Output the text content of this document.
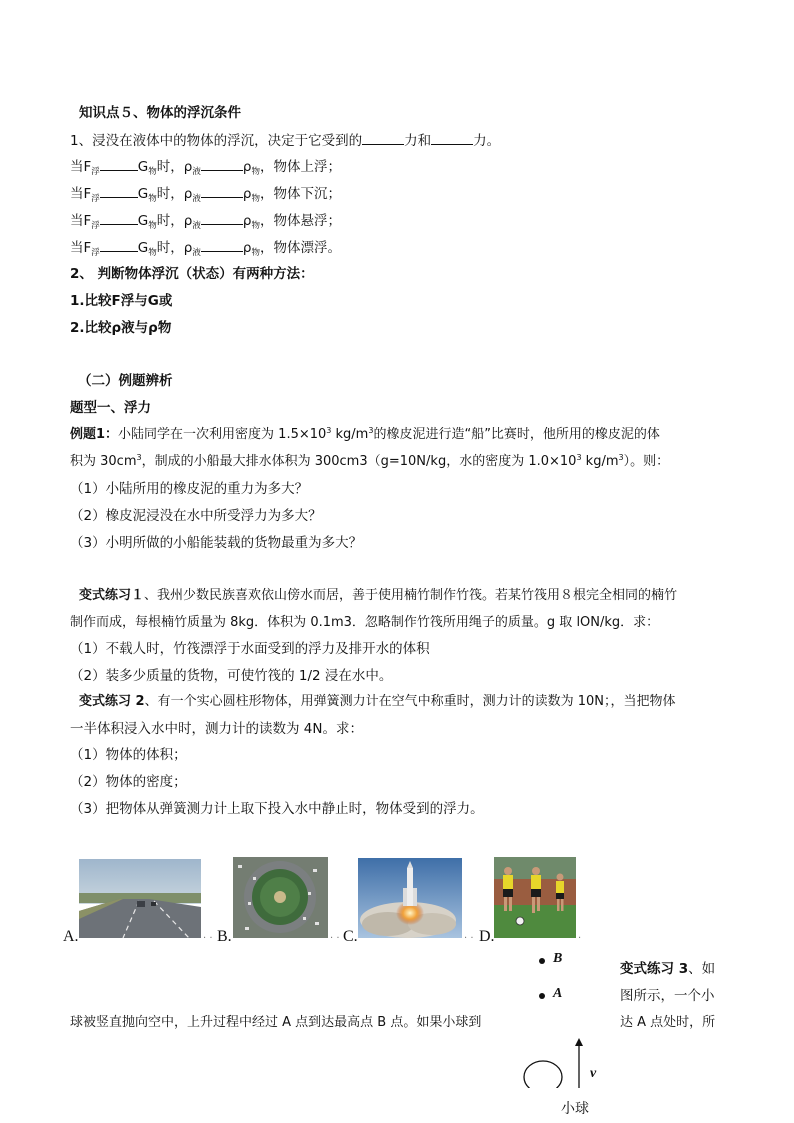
知识点５、物体的浮沉条件
1、浸没在液体中的物体的浮沉，决定于它受到的	力和	力。
当$F_浮$	$G_物$时，$\rho_液$	$\rho_物$，物体上浮；
当$F_浮$	$G_物$时，$\rho_液$	$\rho_物$，物体下沉；
当$F_浮$	$G_物$时，$\rho_液$	$\rho_物$，物体悬浮；
当$F_浮$	$G_物$时，$\rho_液$	$\rho_物$，物体漂浮。
2、 判断物体浮沉（状态）有两种方法：
1.比较F浮与G或
2.比较ρ液与ρ物
（二）例题辨析
题型一、浮力
例题1：小陆同学在一次利用密度为 $1.5\times 10^3$ $kg/m^3$的橡皮泥进行造“船”比赛时，他所用的橡皮泥的体
积为 $30cm^3$，制成的小船最大排水体积为 300cm3（g=10N/kg，水的密度为 $1.0\times 10^3$ $kg/m^3$）。则：
（1）小陆所用的橡皮泥的重力为多大？
（2）橡皮泥浸没在水中所受浮力为多大？
（3）小明所做的小船能装载的货物最重为多大？
变式练习１、我州少数民族喜欢依山傍水而居，善于使用楠竹制作竹筏。若某竹筏用８根完全相同的楠竹
制作而成，每根楠竹质量为 8kg．体积为 0.1m3．忽略制作竹筏所用绳子的质量。g 取 lON/kg．求：
（1）不载人时，竹筏漂浮于水面受到的浮力及排开水的体积
（2）装多少质量的货物，可使竹筏的 1/2 浸在水中。
变式练习 2、有一个实心圆柱形物体，用弹簧测力计在空气中称重时，测力计的读数为 10N；，当把物体
一半体积浸入水中时，测力计的读数为 4N。求：
（1）物体的体积；
（2）物体的密度；
（3）把物体从弹簧测力计上取下投入水中静止时，物体受到的浮力。
A.	· · B.	· · C.	· · D.	·
B
A
变式练习 3、如
图所示，一个小
达 A 点处时，所
球被竖直抛向空中，上升过程中经过 A 点到达最高点 B 点。如果小球到
v
小球
